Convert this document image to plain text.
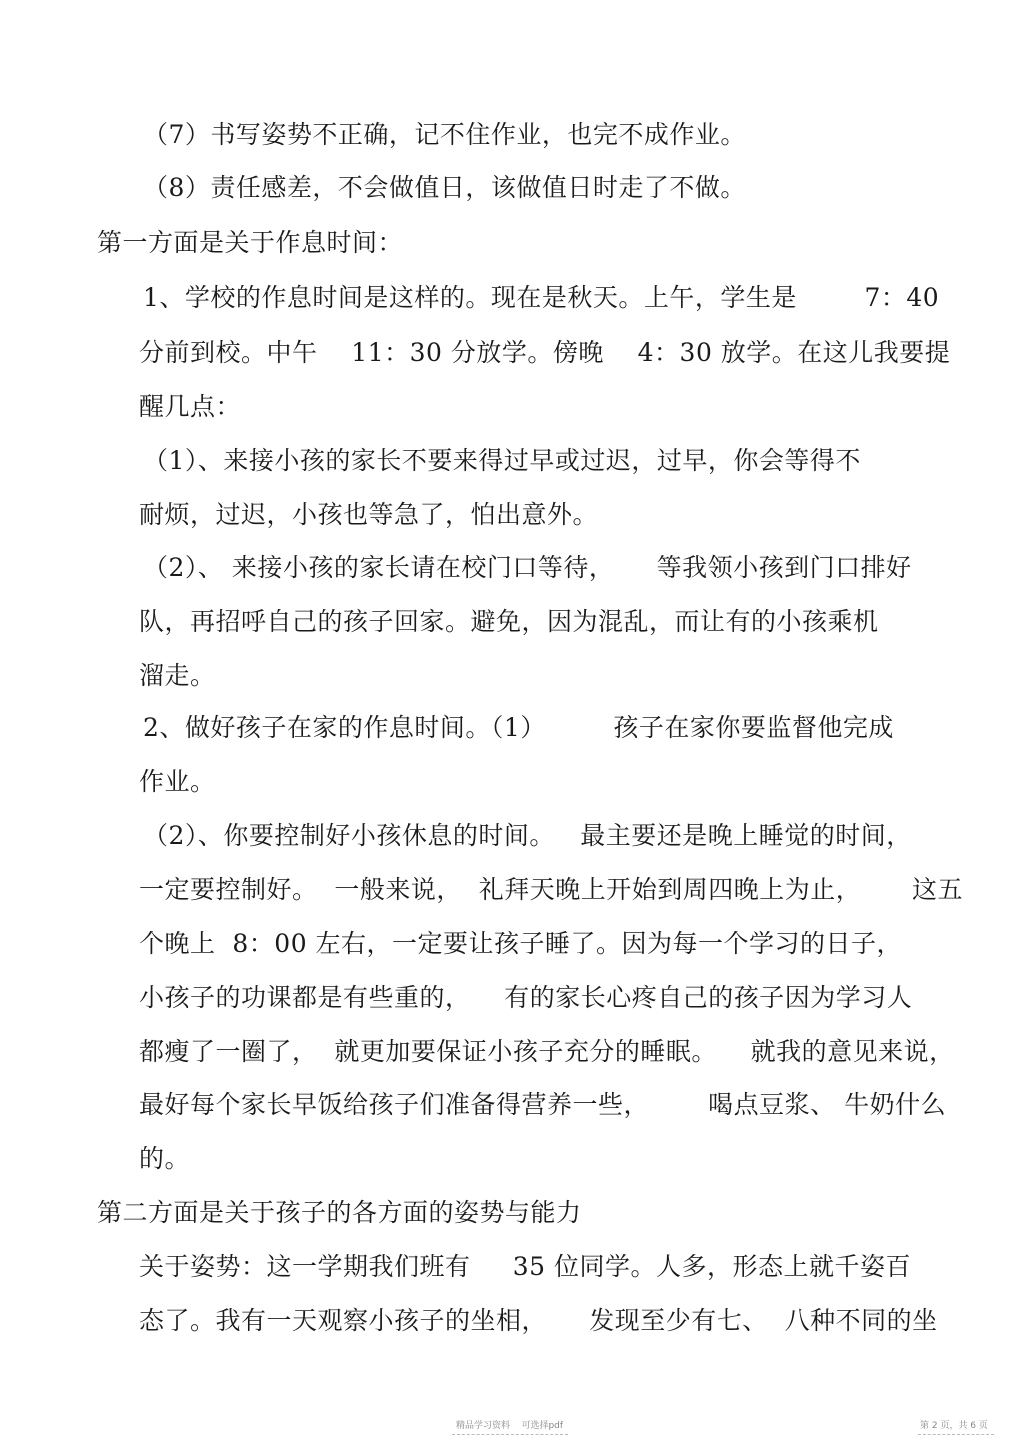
（7）书写姿势不正确，记不住作业，也完不成作业。
（8）责任感差，不会做值日，该做值日时走了不做。
第一方面是关于作息时间：
1、学校的作息时间是这样的。现在是秋天。上午，学生是        7：40
分前到校。中午    11：30 分放学。傍晚    4：30 放学。在这儿我要提
醒几点：
（1）、来接小孩的家长不要来得过早或过迟，过早，你会等得不
耐烦，过迟，小孩也等急了，怕出意外。
（2）、 来接小孩的家长请在校门口等待，     等我领小孩到门口排好
队，再招呼自己的孩子回家。避免，因为混乱，而让有的小孩乘机
溜走。
2、做好孩子在家的作息时间。（1）        孩子在家你要监督他完成
作业。
（2）、你要控制好小孩休息的时间。   最主要还是晚上睡觉的时间，
一定要控制好。  一般来说，  礼拜天晚上开始到周四晚上为止，      这五
个晚上  8：00 左右，一定要让孩子睡了。因为每一个学习的日子，
小孩子的功课都是有些重的，    有的家长心疼自己的孩子因为学习人
都瘦了一圈了，  就更加要保证小孩子充分的睡眠。    就我的意见来说，
最好每个家长早饭给孩子们准备得营养一些，       喝点豆浆、 牛奶什么
的。
第二方面是关于孩子的各方面的姿势与能力
关于姿势：这一学期我们班有     35 位同学。人多，形态上就千姿百
态了。我有一天观察小孩子的坐相，     发现至少有七、  八种不同的坐
精品学习资料    可选择pdf	第 2 页，共 6 页
